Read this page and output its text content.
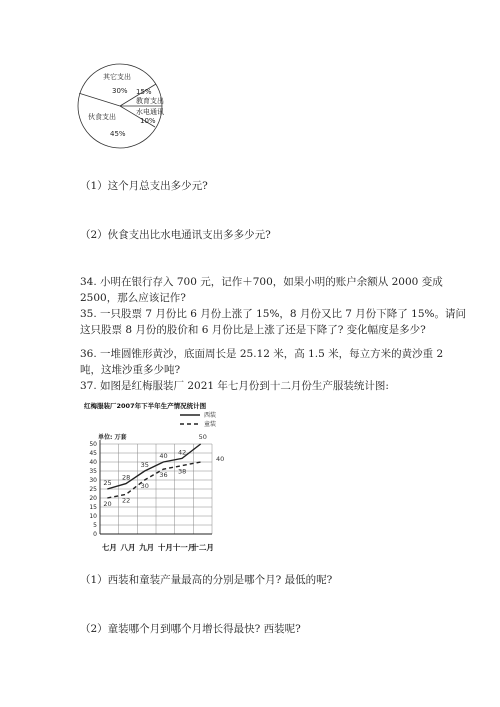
其它支出
30% 15%
教育支出
水电通讯
10%
伙食支出
45%
（1）这个月总支出多少元?
（2）伙食支出比水电通讯支出多多少元?
34. 小明在银行存入 700 元，记作＋700，如果小明的账户余额从 2000 变成
2500，那么应该记作?
35. 一只股票 7 月份比 6 月份上涨了 15%，8 月份又比 7 月份下降了 15%。请问
这只股票 8 月份的股价和 6 月份比是上涨了还是下降了? 变化幅度是多少?
36. 一堆圆锥形黄沙，底面周长是 25.12 米，高 1.5 米，每立方米的黄沙重 2
吨，这堆沙重多少吨?
37. 如图是红梅服装厂 2021 年七月份到十二月份生产服装统计图:
红梅服装厂2007年下半年生产情况统计图
西装
童装
单位: 万套
0
5
10
15
20
25
30
35
40
45
50
七月 八月 九月 十月 十一月
十二月
25
28
35
40 42
50
20 22
30
36 38
40
（1）西装和童装产量最高的分别是哪个月? 最低的呢?
（2）童装哪个月到哪个月增长得最快? 西装呢?
